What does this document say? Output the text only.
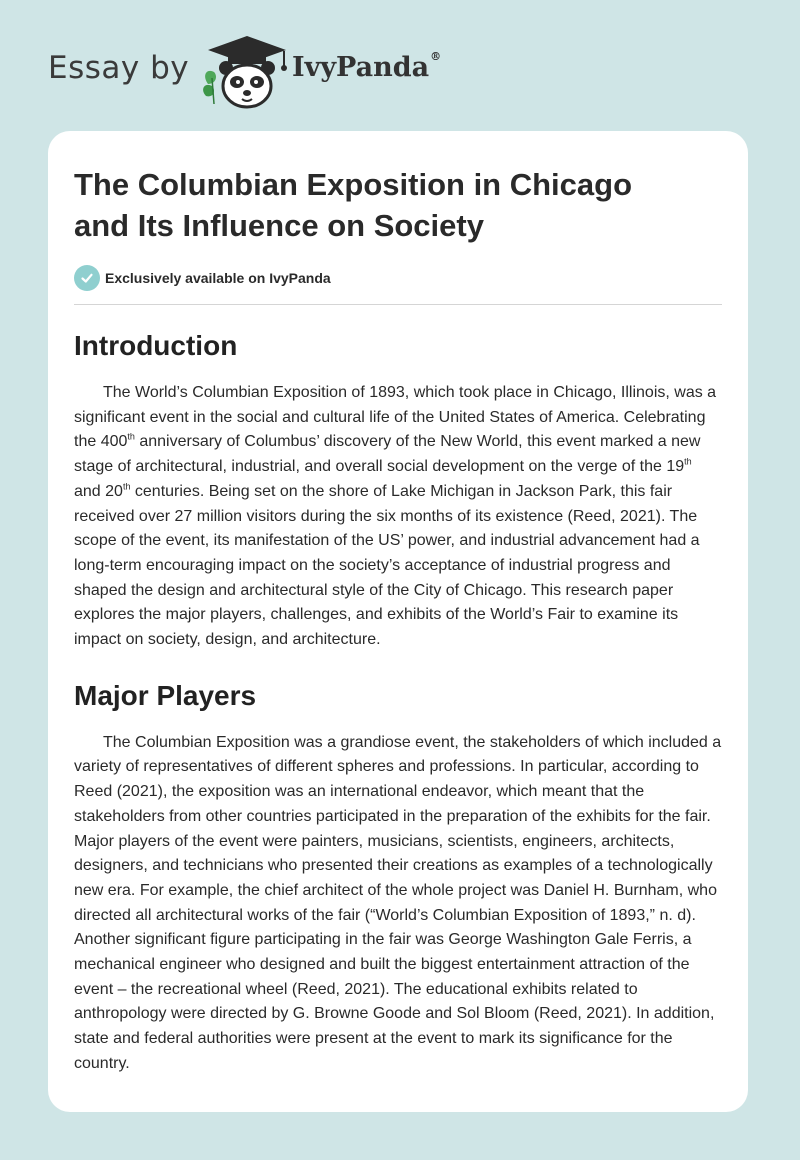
Essay by	IvyPanda®
The Columbian Exposition in Chicago
and Its Influence on Society
Exclusively available on IvyPanda
Introduction

The World’s Columbian Exposition of 1893, which took place in Chicago, Illinois, was a significant event in the social and cultural life of the United States of America. Celebrating the 400th anniversary of Columbus’ discovery of the New World, this event marked a new stage of architectural, industrial, and overall social development on the verge of the 19th and 20th centuries. Being set on the shore of Lake Michigan in Jackson Park, this fair received over 27 million visitors during the six months of its existence (Reed, 2021). The scope of the event, its manifestation of the US’ power, and industrial advancement had a long-term encouraging impact on the society’s acceptance of industrial progress and shaped the design and architectural style of the City of Chicago. This research paper explores the major players, challenges, and exhibits of the World’s Fair to examine its impact on society, design, and architecture.

Major Players

The Columbian Exposition was a grandiose event, the stakeholders of which included a variety of representatives of different spheres and professions. In particular, according to Reed (2021), the exposition was an international endeavor, which meant that the stakeholders from other countries participated in the preparation of the exhibits for the fair. Major players of the event were painters, musicians, scientists, engineers, architects, designers, and technicians who presented their creations as examples of a technologically new era. For example, the chief architect of the whole project was Daniel H. Burnham, who directed all architectural works of the fair (“World’s Columbian Exposition of 1893,” n. d). Another significant figure participating in the fair was George Washington Gale Ferris, a mechanical engineer who designed and built the biggest entertainment attraction of the event – the recreational wheel (Reed, 2021). The educational exhibits related to anthropology were directed by G. Browne Goode and Sol Bloom (Reed, 2021). In addition, state and federal authorities were present at the event to mark its significance for the country.
